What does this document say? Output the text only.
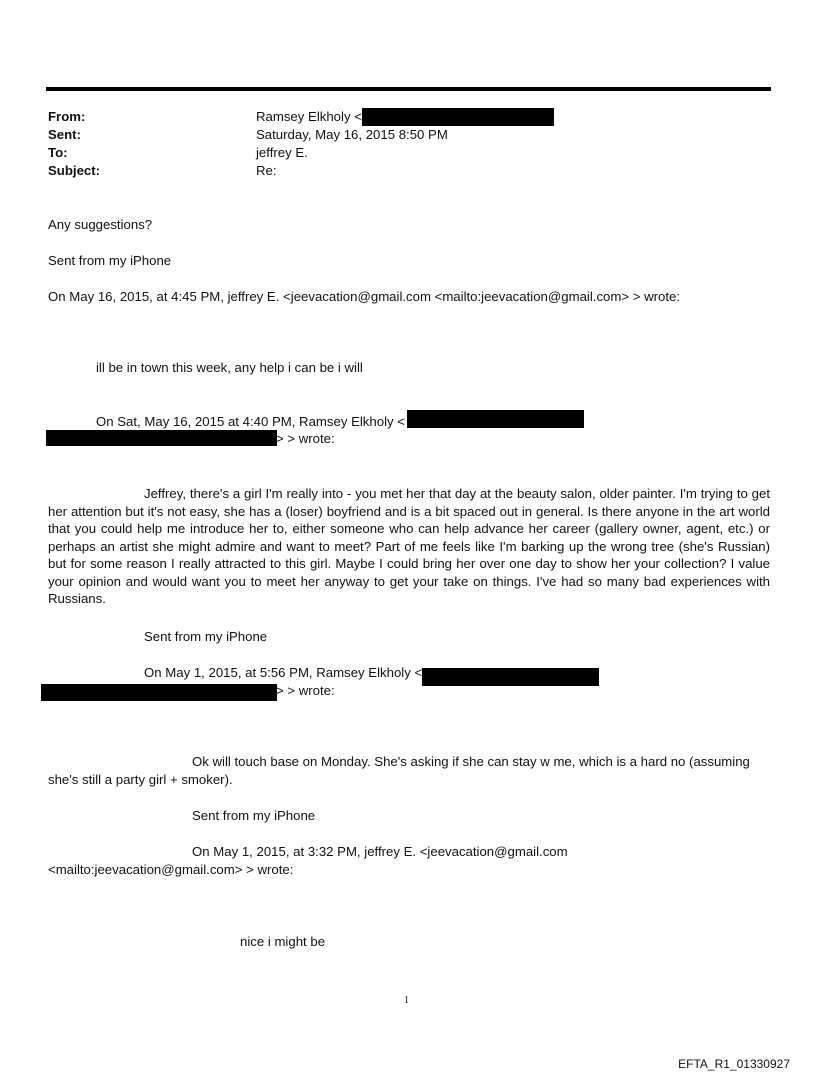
From:	Ramsey Elkholy <
Sent:	Saturday, May 16, 2015 8:50 PM
To:	jeffrey E.
Subject:	Re:
Any suggestions?
Sent from my iPhone
On May 16, 2015, at 4:45 PM, jeffrey E. <jeevacation@gmail.com <mailto:jeevacation@gmail.com> > wrote:
ill be in town this week, any help i can be i will
On Sat, May 16, 2015 at 4:40 PM, Ramsey Elkholy <
> > wrote:
Jeffrey, there's a girl I'm really into - you met her that day at the beauty salon, older painter. I'm trying to get her attention but it's not easy, she has a (loser) boyfriend and is a bit spaced out in general. Is there anyone in the art world that you could help me introduce her to, either someone who can help advance her career (gallery owner, agent, etc.) or perhaps an artist she might admire and want to meet? Part of me feels like I'm barking up the wrong tree (she's Russian) but for some reason I really attracted to this girl. Maybe I could bring her over one day to show her your collection? I value your opinion and would want you to meet her anyway to get your take on things. I've had so many bad experiences with Russians.
Sent from my iPhone
On May 1, 2015, at 5:56 PM, Ramsey Elkholy <
> > wrote:
Ok will touch base on Monday. She's asking if she can stay w me, which is a hard no (assuming she's still a party girl + smoker).
Sent from my iPhone
On May 1, 2015, at 3:32 PM, jeffrey E. <jeevacation@gmail.com
<mailto:jeevacation@gmail.com> > wrote:
nice i might be
1
EFTA_R1_01330927
